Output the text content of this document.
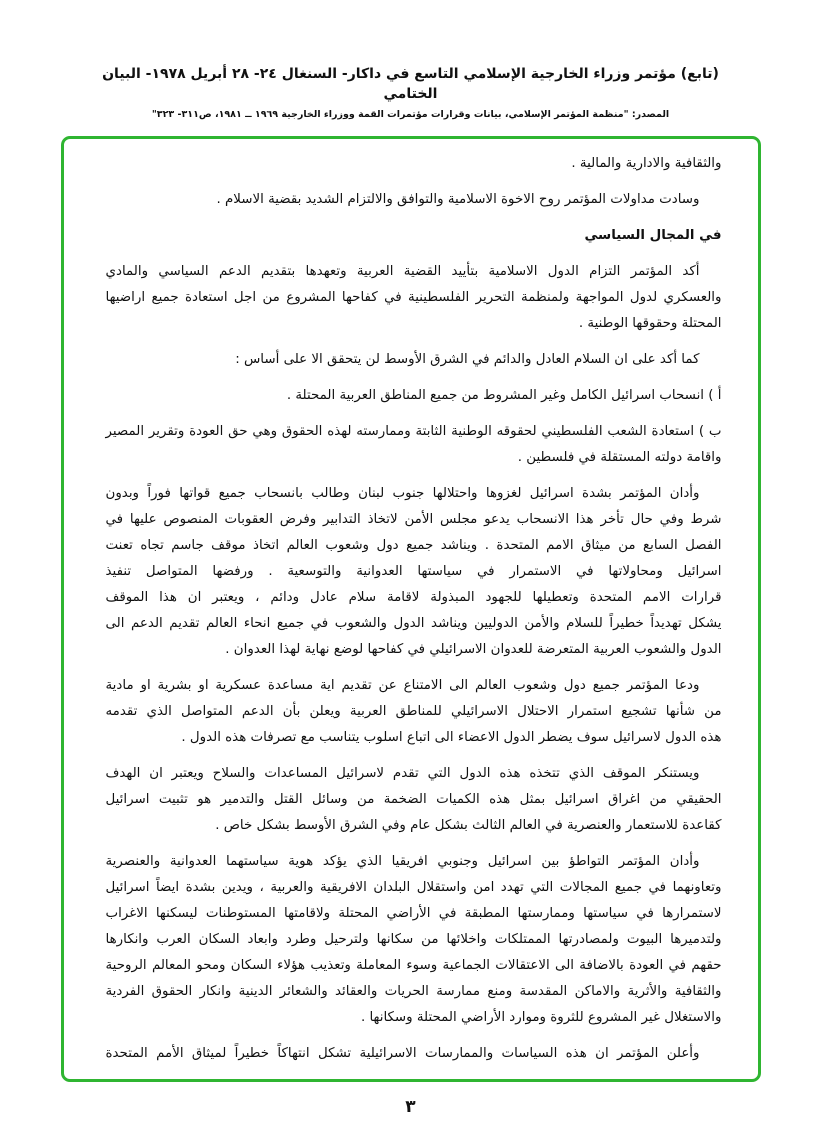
(تابع) مؤتمر وزراء الخارجية الإسلامي التاسع في داكار- السنغال ٢٤- ٢٨ أبريل ١٩٧٨- البيان الختامي
المصدر: "منظمة المؤتمر الإسلامي، بيانات وقرارات مؤتمرات القمة ووزراء الخارجية ١٩٦٩ ــ ١٩٨١، ص٣١١- ٣٢٣"
والثقافية والادارية والمالية .
وسادت مداولات المؤتمر روح الاخوة الاسلامية والتوافق والالتزام الشديد بقضية الاسلام .
في المجال السياسي
أكد المؤتمر التزام الدول الاسلامية بتأييد القضية العربية وتعهدها بتقديم الدعم السياسي والمادي
والعسكري لدول المواجهة ولمنظمة التحرير الفلسطينية في كفاحها المشروع من اجل استعادة جميع اراضيها
المحتلة وحقوقها الوطنية .
كما أكد على ان السلام العادل والدائم في الشرق الأوسط لن يتحقق الا على أساس :
أ ) انسحاب اسرائيل الكامل وغير المشروط من جميع المناطق العربية المحتلة .
ب ) استعادة الشعب الفلسطيني لحقوقه الوطنية الثابتة وممارسته لهذه الحقوق وهي حق العودة وتقرير المصير
واقامة دولته المستقلة في فلسطين .
وأدان المؤتمر بشدة اسرائيل لغزوها واحتلالها جنوب لبنان وطالب بانسحاب جميع قواتها فوراً وبدون
شرط وفي حال تأخر هذا الانسحاب يدعو مجلس الأمن لاتخاذ التدابير وفرض العقوبات المنصوص عليها في
الفصل السابع من ميثاق الامم المتحدة . ويناشد جميع دول وشعوب العالم اتخاذ موقف جاسم تجاه تعنت
اسرائيل ومحاولاتها في الاستمرار في سياستها العدوانية والتوسعية . ورفضها المتواصل تنفيذ
قرارات الامم المتحدة وتعطيلها للجهود المبذولة لاقامة سلام عادل ودائم ، ويعتبر ان هذا الموقف
يشكل تهديداً خطيراً للسلام والأمن الدوليين ويناشد الدول والشعوب في جميع انحاء العالم تقديم الدعم الى
الدول والشعوب العربية المتعرضة للعدوان الاسرائيلي في كفاحها لوضع نهاية لهذا العدوان .
ودعا المؤتمر جميع دول وشعوب العالم الى الامتناع عن تقديم اية مساعدة عسكرية او بشرية او مادية
من شأنها تشجيع استمرار الاحتلال الاسرائيلي للمناطق العربية ويعلن بأن الدعم المتواصل الذي تقدمه
هذه الدول لاسرائيل سوف يضطر الدول الاعضاء الى اتباع اسلوب يتناسب مع تصرفات هذه الدول .
ويستنكر الموقف الذي تتخذه هذه الدول التي تقدم لاسرائيل المساعدات والسلاح ويعتبر ان الهدف
الحقيقي من اغراق اسرائيل بمثل هذه الكميات الضخمة من وسائل القتل والتدمير هو تثبيت اسرائيل
كقاعدة للاستعمار والعنصرية في العالم الثالث بشكل عام وفي الشرق الأوسط بشكل خاص .
وأدان المؤتمر التواطؤ بين اسرائيل وجنوبي افريقيا الذي يؤكد هوية سياستهما العدوانية والعنصرية
وتعاونهما في جميع المجالات التي تهدد امن واستقلال البلدان الافريقية والعربية ، ويدين بشدة ايضاً اسرائيل
لاستمرارها في سياستها وممارستها المطبقة في الأراضي المحتلة ولاقامتها المستوطنات ليسكنها الاغراب
ولتدميرها البيوت ولمصادرتها الممتلكات واخلائها من سكانها ولترحيل وطرد وابعاد السكان العرب وانكارها
حقهم في العودة بالاضافة الى الاعتقالات الجماعية وسوء المعاملة وتعذيب هؤلاء السكان ومحو المعالم الروحية
والثقافية والأثرية والاماكن المقدسة ومنع ممارسة الحريات والعقائد والشعائر الدينية وانكار الحقوق الفردية
والاستغلال غير المشروع للثروة وموارد الأراضي المحتلة وسكانها .
وأعلن المؤتمر ان هذه السياسات والممارسات الاسرائيلية تشكل انتهاكاً خطيراً لميثاق الأمم المتحدة
٣
